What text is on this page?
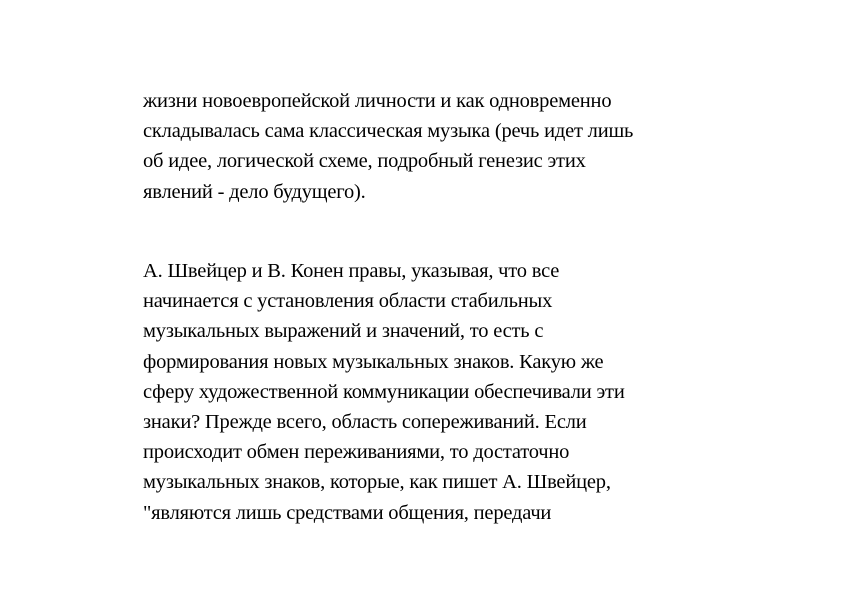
жизни новоевропейской личности и как одновременно
складывалась сама классическая музыка (речь идет лишь
об идее, логической схеме, подробный генезис этих
явлений - дело будущего).
А. Швейцер и В. Конен правы, указывая, что все
начинается с установления области стабильных
музыкальных выражений и значений, то есть с
формирования новых музыкальных знаков. Какую же
сферу художественной коммуникации обеспечивали эти
знаки? Прежде всего, область сопереживаний. Если
происходит обмен переживаниями, то достаточно
музыкальных знаков, которые, как пишет А. Швейцер,
"являются лишь средствами общения, передачи
